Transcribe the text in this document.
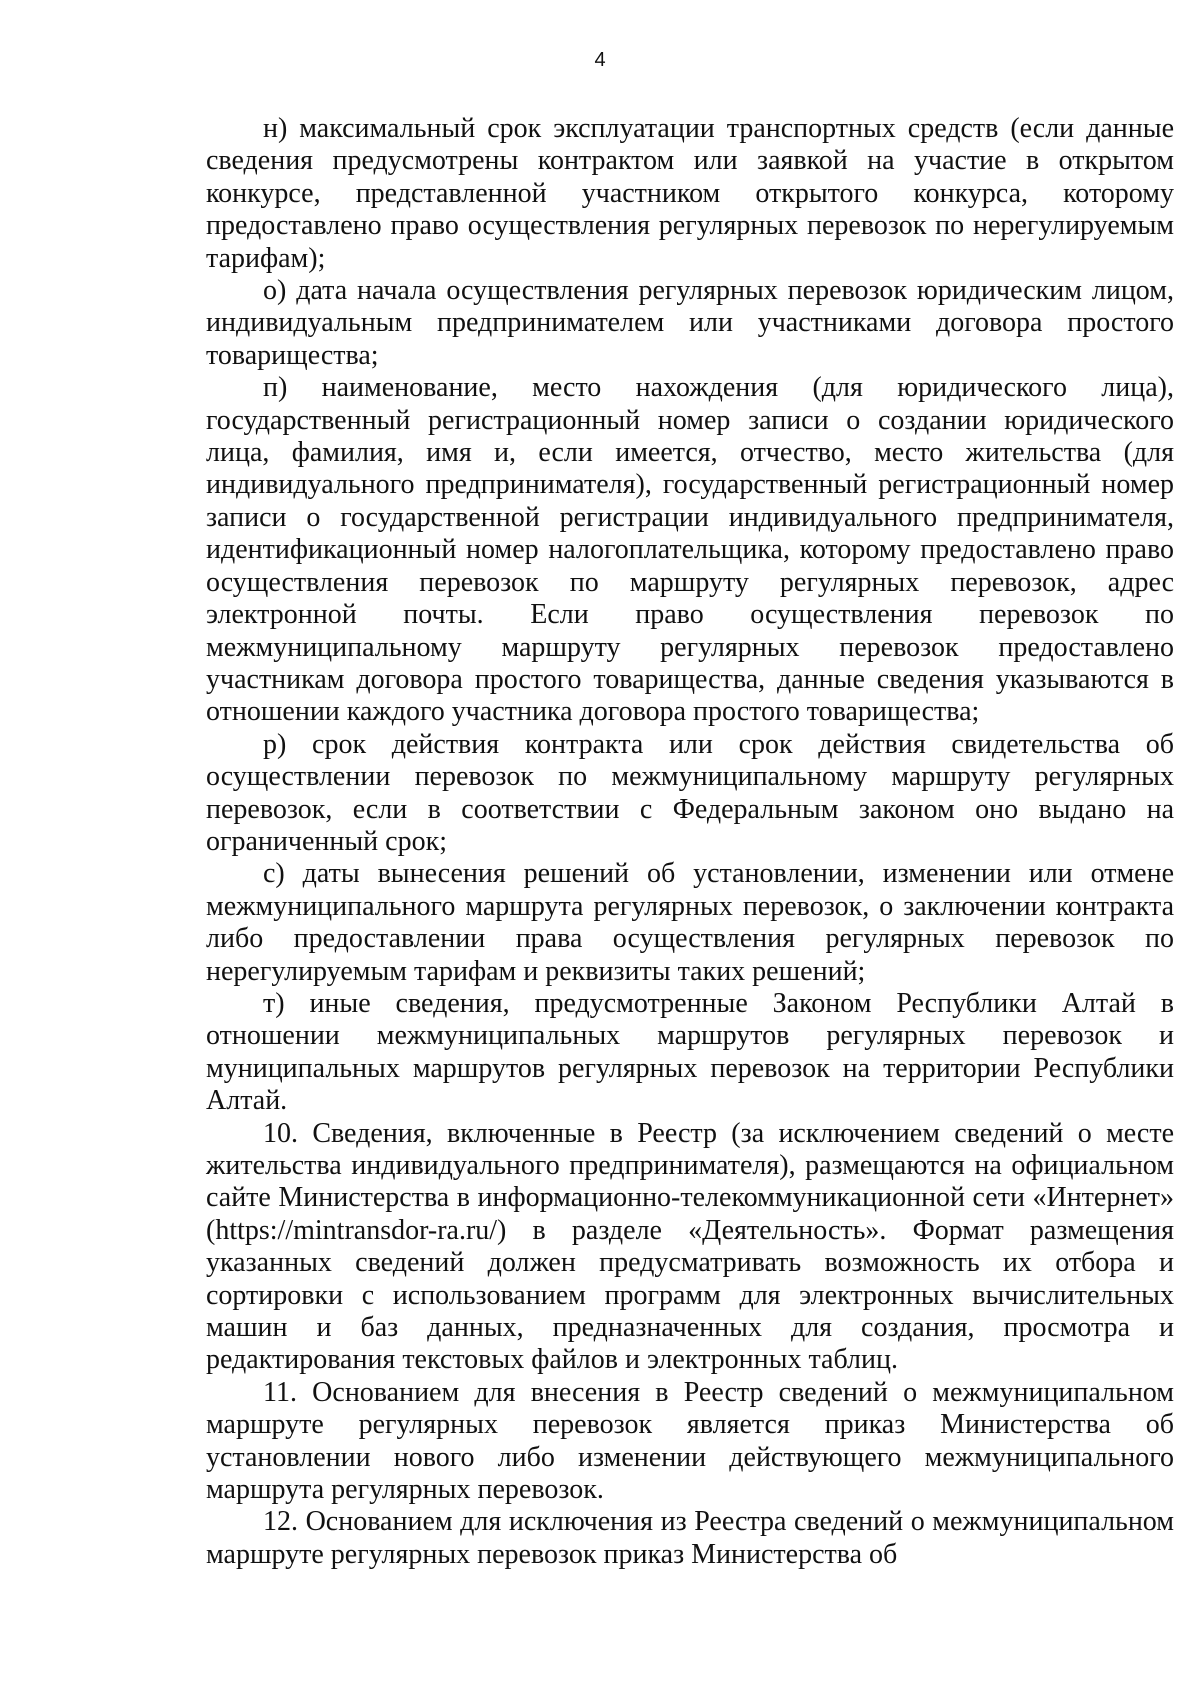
4

н) максимальный срок эксплуатации транспортных средств (если данные сведения предусмотрены контрактом или заявкой на участие в открытом конкурсе, представленной участником открытого конкурса, которому предоставлено право осуществления регулярных перевозок по нерегулируемым тарифам);

о) дата начала осуществления регулярных перевозок юридическим лицом, индивидуальным предпринимателем или участниками договора простого товарищества;

п) наименование, место нахождения (для юридического лица), государственный регистрационный номер записи о создании юридического лица, фамилия, имя и, если имеется, отчество, место жительства (для индивидуального предпринимателя), государственный регистрационный номер записи о государственной регистрации индивидуального предпринимателя, идентификационный номер налогоплательщика, которому предоставлено право осуществления перевозок по маршруту регулярных перевозок, адрес электронной почты. Если право осуществления перевозок по межмуниципальному маршруту регулярных перевозок предоставлено участникам договора простого товарищества, данные сведения указываются в отношении каждого участника договора простого товарищества;

р) срок действия контракта или срок действия свидетельства об осуществлении перевозок по межмуниципальному маршруту регулярных перевозок, если в соответствии с Федеральным законом оно выдано на ограниченный срок;

с) даты вынесения решений об установлении, изменении или отмене межмуниципального маршрута регулярных перевозок, о заключении контракта либо предоставлении права осуществления регулярных перевозок по нерегулируемым тарифам и реквизиты таких решений;

т) иные сведения, предусмотренные Законом Республики Алтай в отношении межмуниципальных маршрутов регулярных перевозок и муниципальных маршрутов регулярных перевозок на территории Республики Алтай.

10. Сведения, включенные в Реестр (за исключением сведений о месте жительства индивидуального предпринимателя), размещаются на официальном сайте Министерства в информационно-телекоммуникационной сети «Интернет» (https://mintransdor-ra.ru/) в разделе «Деятельность». Формат размещения указанных сведений должен предусматривать возможность их отбора и сортировки с использованием программ для электронных вычислительных машин и баз данных, предназначенных для создания, просмотра и редактирования текстовых файлов и электронных таблиц.

11. Основанием для внесения в Реестр сведений о межмуниципальном маршруте регулярных перевозок является приказ Министерства об установлении нового либо изменении действующего межмуниципального маршрута регулярных перевозок.

12. Основанием для исключения из Реестра сведений о межмуниципальном маршруте регулярных перевозок приказ Министерства об
